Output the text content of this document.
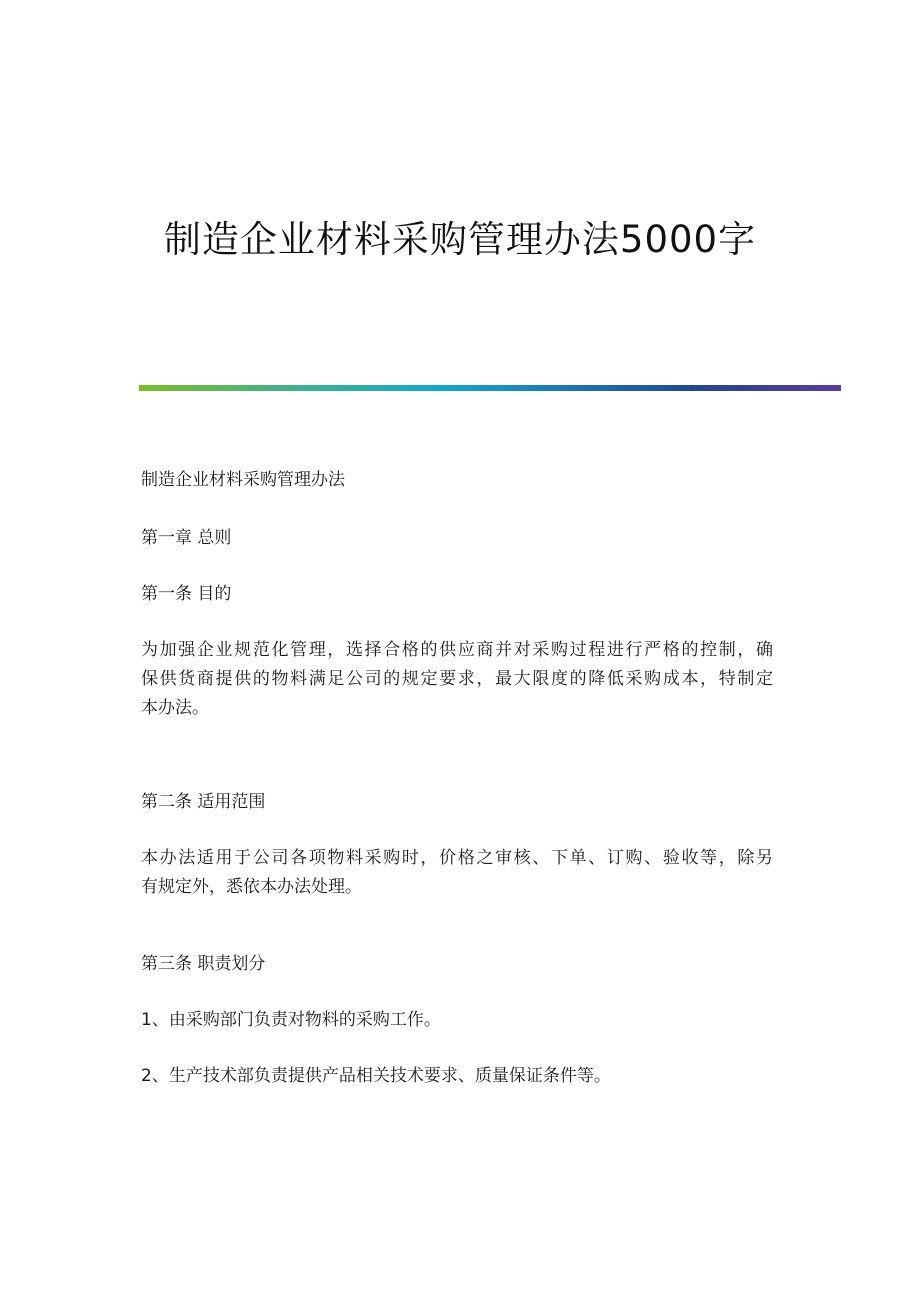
制造企业材料采购管理办法5000字
制造企业材料采购管理办法
第一章 总则
第一条 目的
为加强企业规范化管理，选择合格的供应商并对采购过程进行严格的控制，确
保供货商提供的物料满足公司的规定要求，最大限度的降低采购成本，特制定
本办法。
第二条 适用范围
本办法适用于公司各项物料采购时，价格之审核、下单、订购、验收等，除另
有规定外，悉依本办法处理。
第三条 职责划分
1、由采购部门负责对物料的采购工作。
2、生产技术部负责提供产品相关技术要求、质量保证条件等。
